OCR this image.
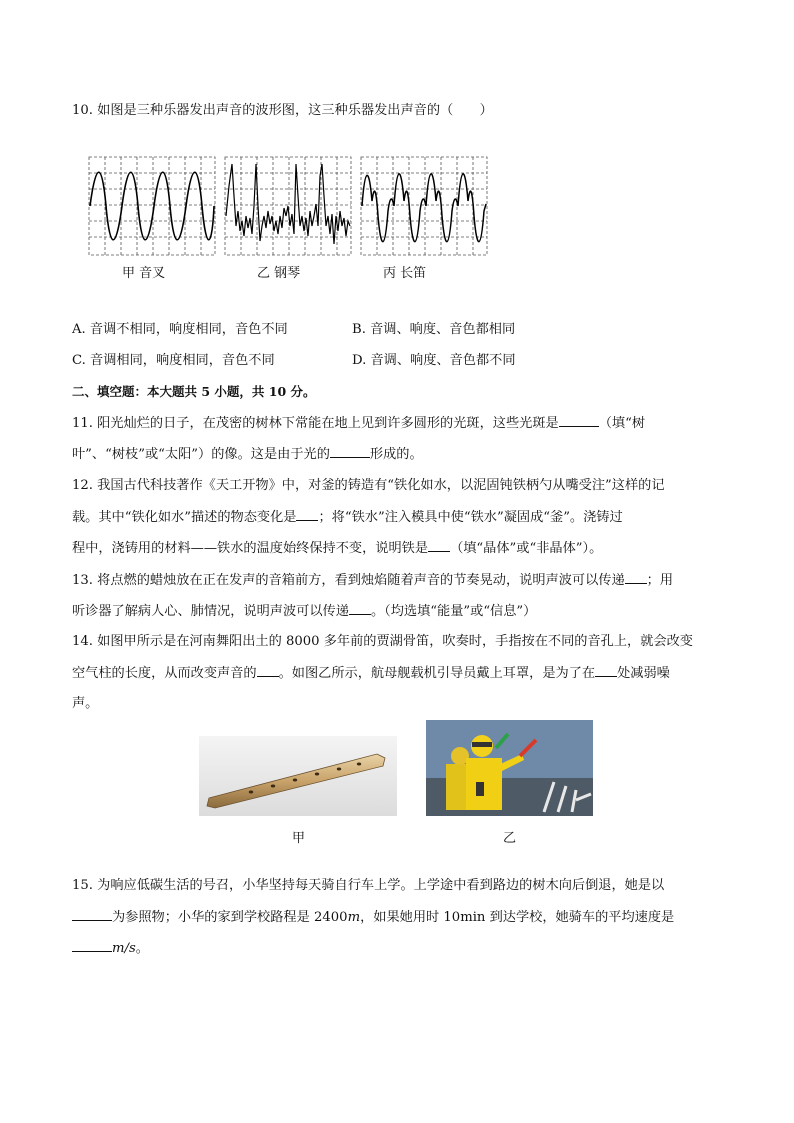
10. 如图是三种乐器发出声音的波形图，这三种乐器发出声音的（　　）
甲 音叉	乙 钢琴	丙 长笛
A. 音调不相同，响度相同，音色不同	B. 音调、响度、音色都相同
C. 音调相同，响度相同，音色不同	D. 音调、响度、音色都不同
二、填空题：本大题共 5 小题，共 10 分。
11. 阳光灿烂的日子，在茂密的树林下常能在地上见到许多圆形的光斑，这些光斑是	（填“树
叶”、“树枝”或“太阳”）的像。这是由于光的	形成的。
12. 我国古代科技著作《天工开物》中，对釜的铸造有“铁化如水，以泥固钝铁柄勺从嘴受注”这样的记
载。其中“铁化如水”描述的物态变化是 ；将“铁水”注入模具中使“铁水”凝固成“釜”。浇铸过
程中，浇铸用的材料——铁水的温度始终保持不变，说明铁是 （填“晶体”或“非晶体”）。
13. 将点燃的蜡烛放在正在发声的音箱前方，看到烛焰随着声音的节奏晃动，说明声波可以传递 ；用
听诊器了解病人心、肺情况，说明声波可以传递 。（均选填“能量”或“信息”）
14. 如图甲所示是在河南舞阳出土的 8000 多年前的贾湖骨笛，吹奏时，手指按在不同的音孔上，就会改变
空气柱的长度，从而改变声音的 。如图乙所示，航母舰载机引导员戴上耳罩，是为了在 处减弱噪
声。
甲	乙
15. 为响应低碳生活的号召，小华坚持每天骑自行车上学。上学途中看到路边的树木向后倒退，她是以
为参照物；小华的家到学校路程是 2400m，如果她用时 10min 到达学校，她骑车的平均速度是
m/s。
